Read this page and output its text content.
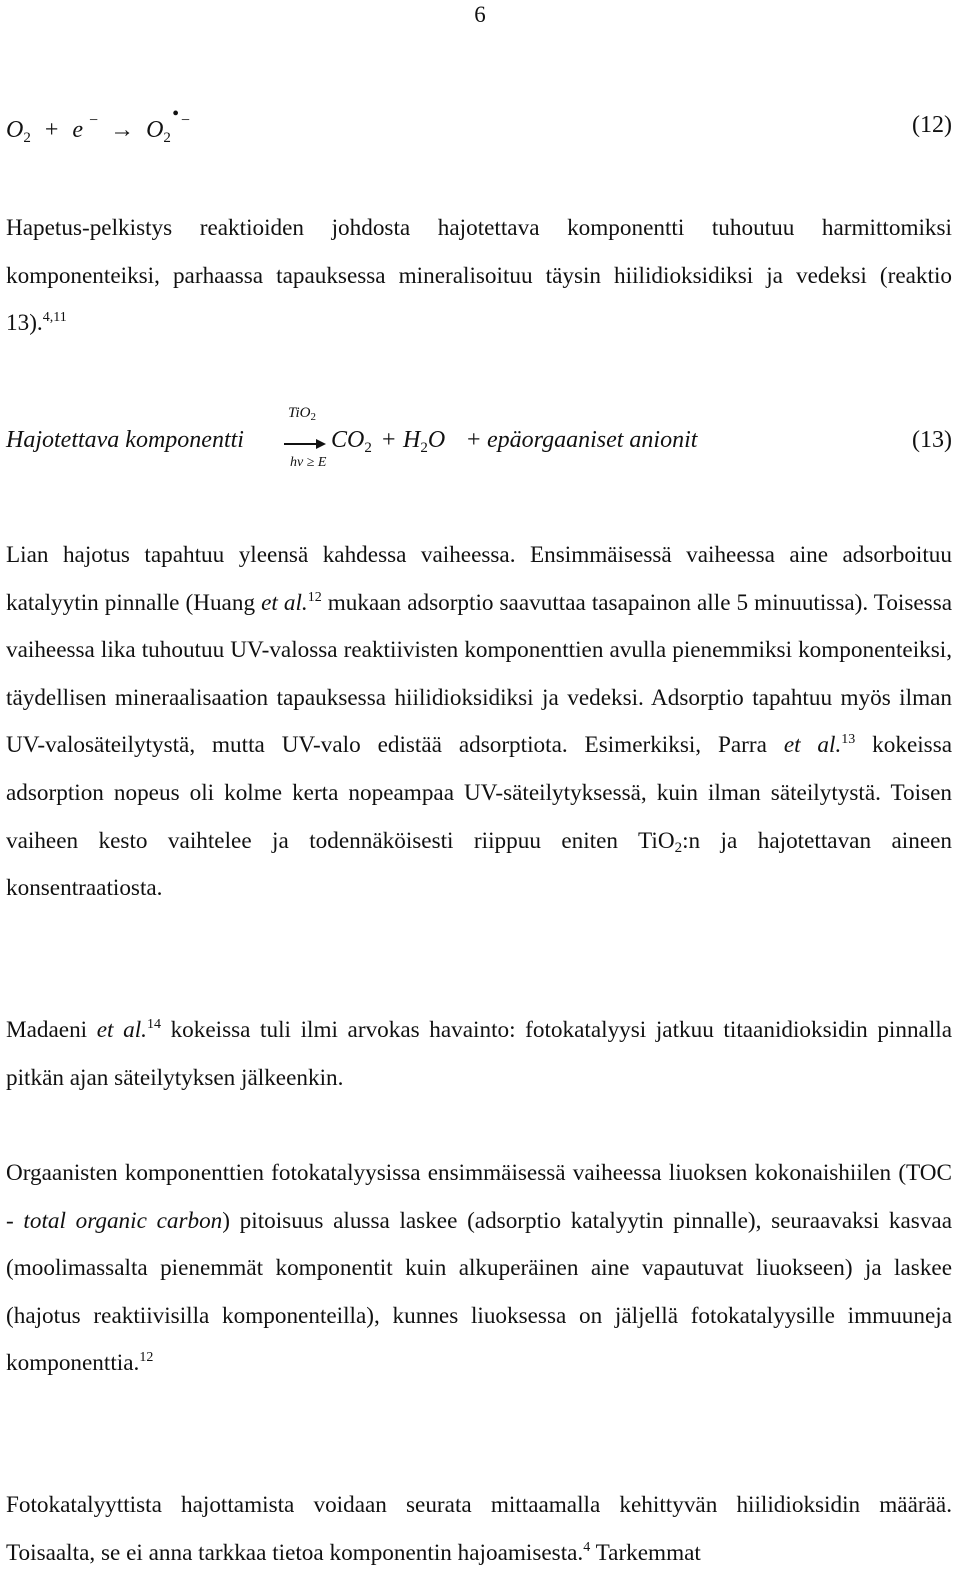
6
$O_2 + e$ $^- \to O_2$
• −	(12)
Hapetus-pelkistys reaktioiden johdosta hajotettava komponentti tuhoutuu harmittomiksi komponenteiksi, parhaassa tapauksessa mineralisoituu täysin hiilidioksidiksi ja vedeksi (reaktio 13).$^{4,11}$
Hajotettava komponentti
TiO$_2$
hν ≥ E
$CO_2 + H_2O$ + epäorgaaniset anionit	(13)
Lian hajotus tapahtuu yleensä kahdessa vaiheessa. Ensimmäisessä vaiheessa aine adsorboituu katalyytin pinnalle (Huang et al.$^{12}$ mukaan adsorptio saavuttaa tasapainon alle 5 minuutissa). Toisessa vaiheessa lika tuhoutuu UV-valossa reaktiivisten komponenttien avulla pienemmiksi komponenteiksi, täydellisen mineraalisaation tapauksessa hiilidioksidiksi ja vedeksi. Adsorptio tapahtuu myös ilman UV-valosäteilytystä, mutta UV-valo edistää adsorptiota. Esimerkiksi, Parra et al.$^{13}$ kokeissa adsorption nopeus oli kolme kerta nopeampaa UV-säteilytyksessä, kuin ilman säteilytystä. Toisen vaiheen kesto vaihtelee ja todennäköisesti riippuu eniten TiO$_2$:n ja hajotettavan aineen konsentraatiosta.
Madaeni et al.$^{14}$ kokeissa tuli ilmi arvokas havainto: fotokatalyysi jatkuu titaanidioksidin pinnalla pitkän ajan säteilytyksen jälkeenkin.
Orgaanisten komponenttien fotokatalyysissa ensimmäisessä vaiheessa liuoksen kokonaishiilen (TOC - total organic carbon) pitoisuus alussa laskee (adsorptio katalyytin pinnalle), seuraavaksi kasvaa (moolimassalta pienemmät komponentit kuin alkuperäinen aine vapautuvat liuokseen) ja laskee (hajotus reaktiivisilla komponenteilla), kunnes liuoksessa on jäljellä fotokatalyysille immuuneja komponenttia.$^{12}$
Fotokatalyyttista hajottamista voidaan seurata mittaamalla kehittyvän hiilidioksidin määrää. Toisaalta, se ei anna tarkkaa tietoa komponentin hajoamisesta.$^4$ Tarkemmat
